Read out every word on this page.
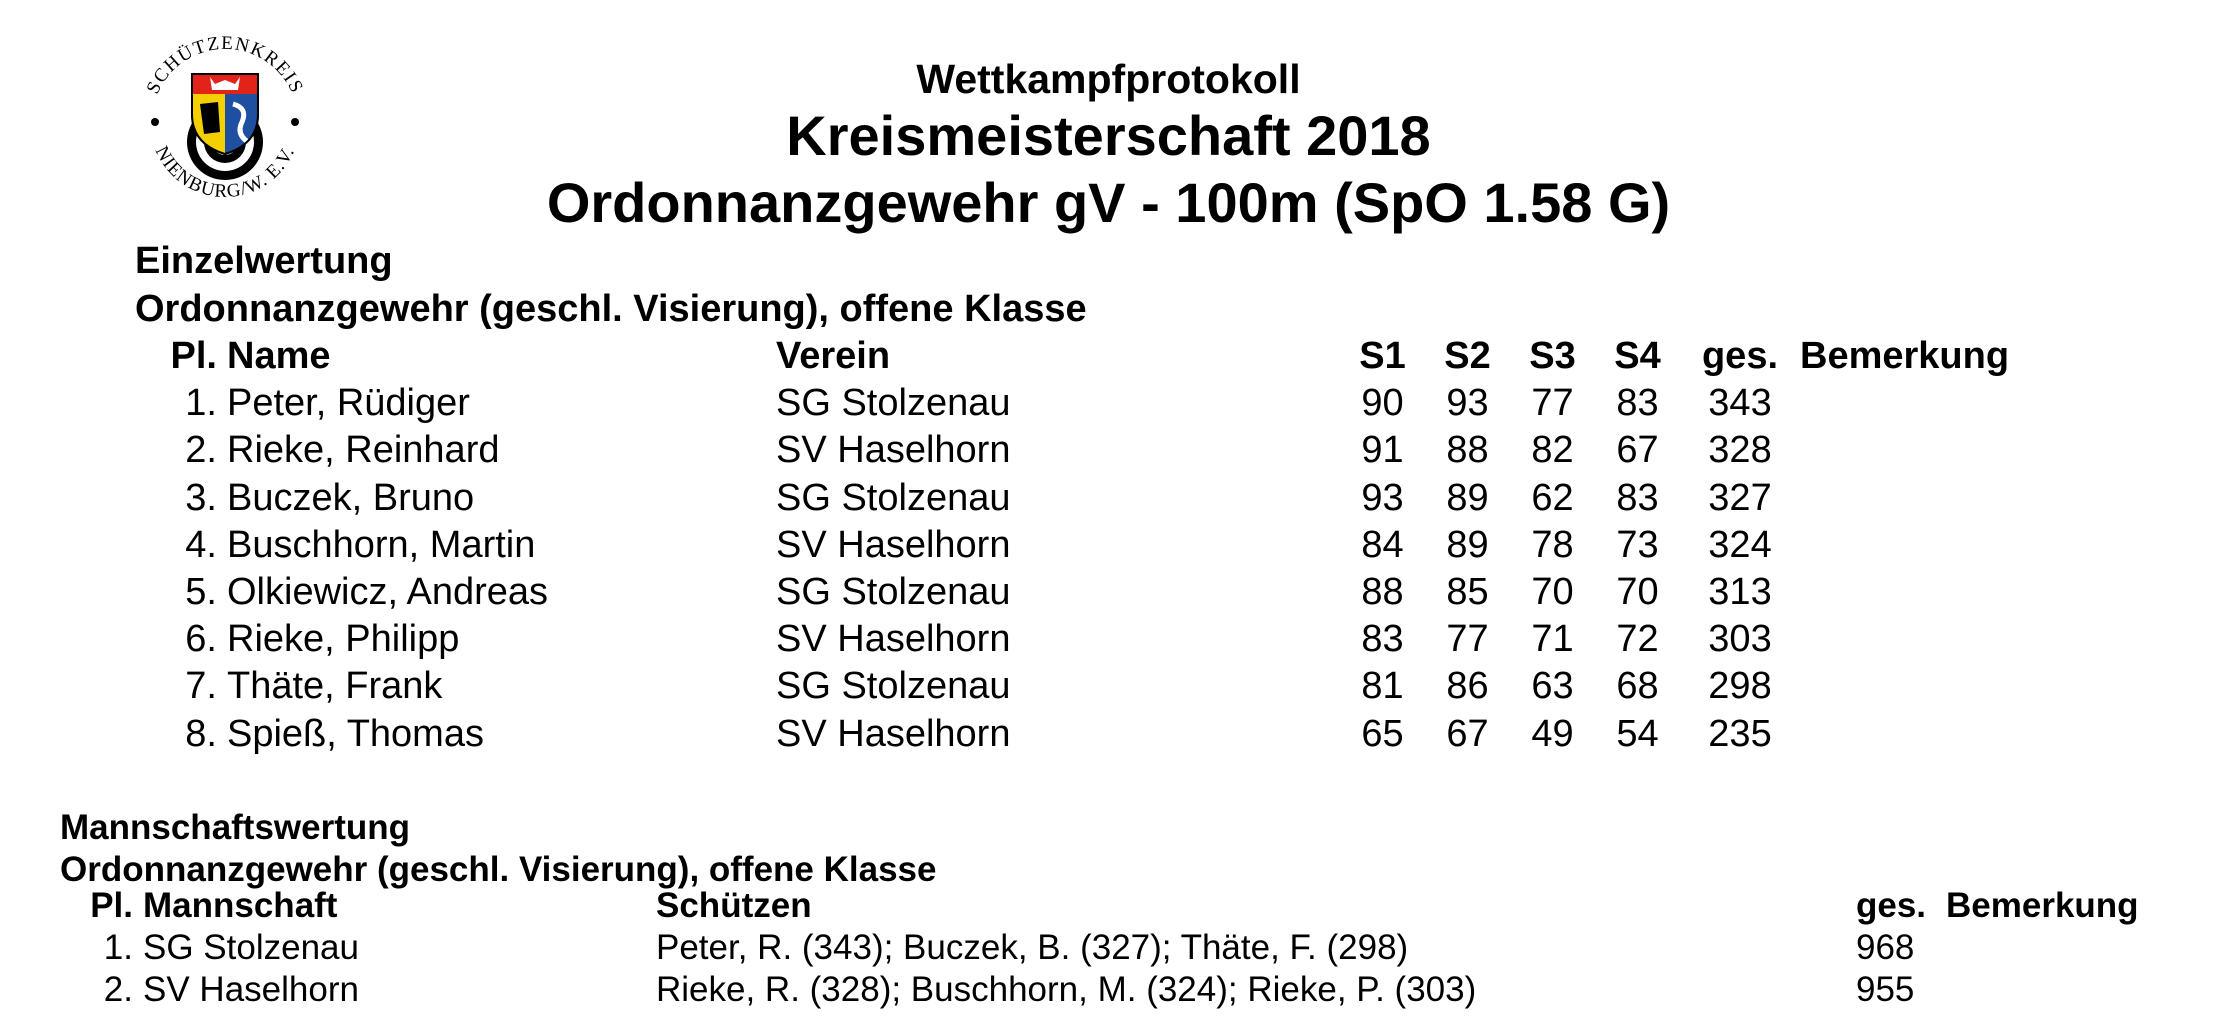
SCHÜTZENKREIS
NIENBURG/W. E.V.
Wettkampfprotokoll
Kreismeisterschaft 2018
Ordonnanzgewehr gV - 100m (SpO 1.58 G)
Einzelwertung
Ordonnanzgewehr (geschl. Visierung), offene Klasse
Pl.	Name	Verein	S1	S2	S3	S4	ges.	Bemerkung
1.	Peter, Rüdiger	SG Stolzenau	90	93	77	83	343	
2.	Rieke, Reinhard	SV Haselhorn	91	88	82	67	328	
3.	Buczek, Bruno	SG Stolzenau	93	89	62	83	327	
4.	Buschhorn, Martin	SV Haselhorn	84	89	78	73	324	
5.	Olkiewicz, Andreas	SG Stolzenau	88	85	70	70	313	
6.	Rieke, Philipp	SV Haselhorn	83	77	71	72	303	
7.	Thäte, Frank	SG Stolzenau	81	86	63	68	298	
8.	Spieß, Thomas	SV Haselhorn	65	67	49	54	235	
Mannschaftswertung
Ordonnanzgewehr (geschl. Visierung), offene Klasse
Pl.	Mannschaft	Schützen	ges.	Bemerkung
1.	SG Stolzenau	Peter, R. (343); Buczek, B. (327); Thäte, F. (298)	968	
2.	SV Haselhorn	Rieke, R. (328); Buschhorn, M. (324); Rieke, P. (303)	955	
